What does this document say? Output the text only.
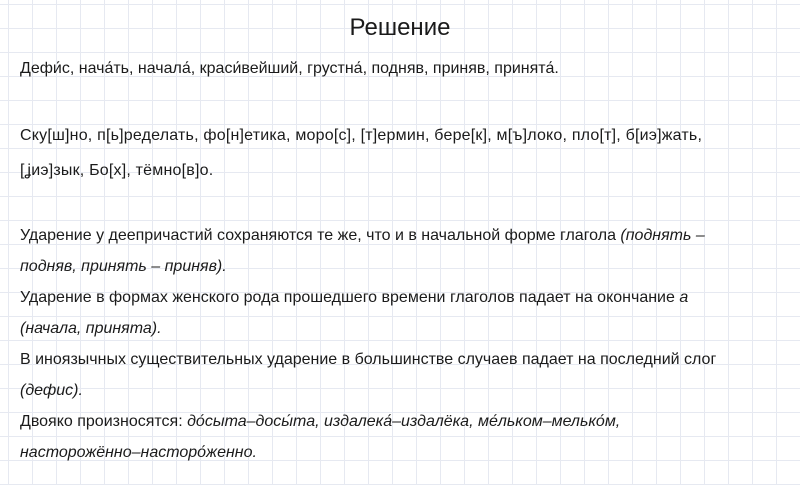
Решение
Дефи́с, нача́ть, начала́, краси́вейший, грустна́, подняв, приняв, принята́.
Ску[ш]но, п[ь]ределать, фо[н]етика, моро[с], [т]ермин, бере[к], м[ъ]локо, пло[т], б[иэ]жать,
[ʝиэ]зык, Бо[х], тёмно[в]о.
Ударение у деепричастий сохраняются те же, что и в начальной форме глагола (поднять –
подняв, принять – приняв).
Ударение в формах женского рода прошедшего времени глаголов падает на окончание а
(начала, принята).
В иноязычных существительных ударение в большинстве случаев падает на последний слог
(дефис).
Двояко произносятся: до́сыта–досы́та, издалека́–издалёка, ме́льком–мелько́м,
насторожённо–насторо́женно.
